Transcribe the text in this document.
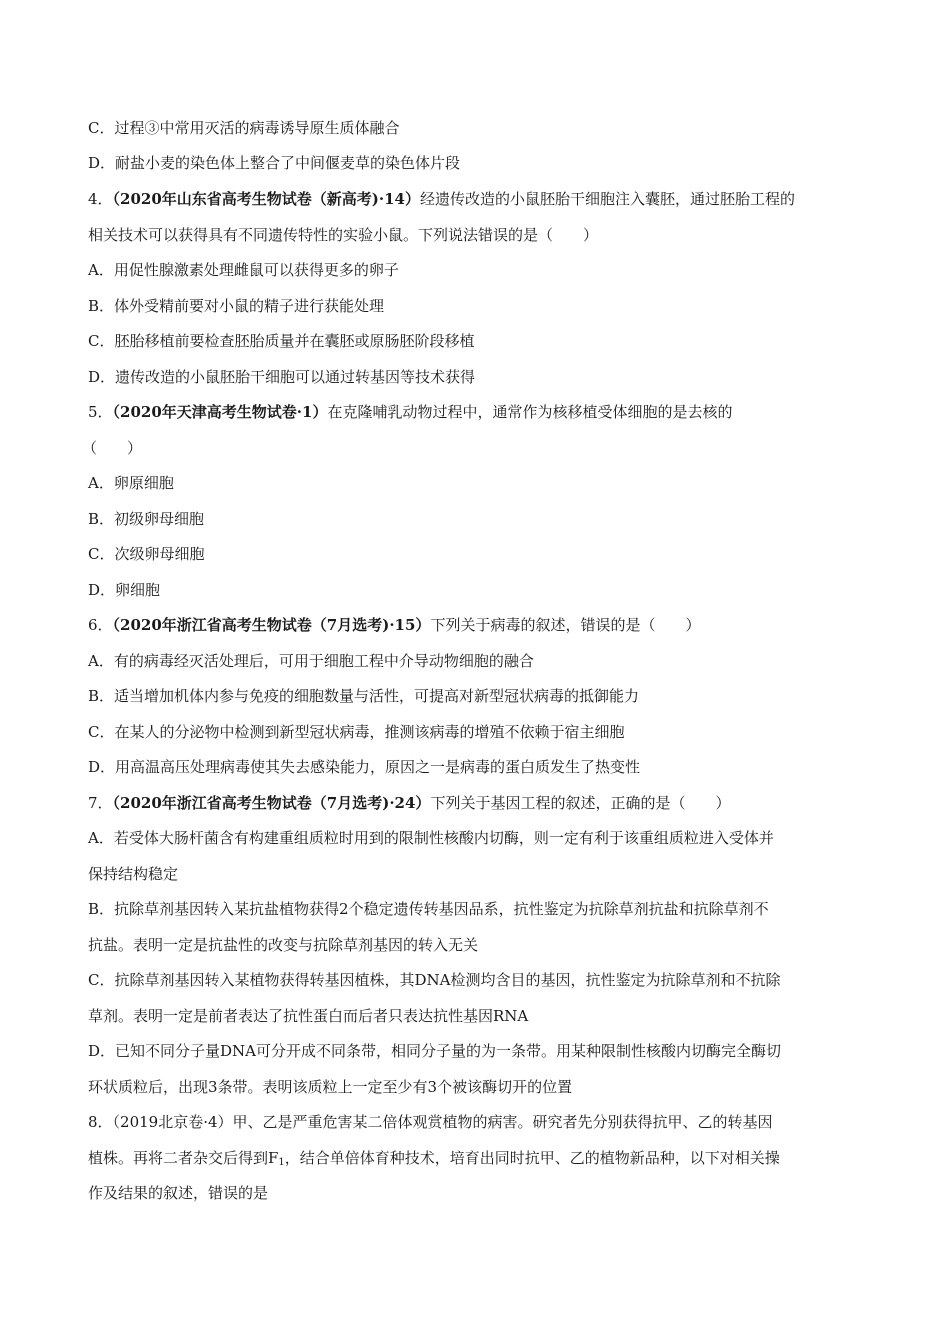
C．过程③中常用灭活的病毒诱导原生质体融合
D．耐盐小麦的染色体上整合了中间偃麦草的染色体片段
4．（2020年山东省高考生物试卷（新高考)·14）经遗传改造的小鼠胚胎干细胞注入囊胚，通过胚胎工程的
相关技术可以获得具有不同遗传特性的实验小鼠。下列说法错误的是（　　）
A．用促性腺激素处理雌鼠可以获得更多的卵子
B．体外受精前要对小鼠的精子进行获能处理
C．胚胎移植前要检查胚胎质量并在囊胚或原肠胚阶段移植
D．遗传改造的小鼠胚胎干细胞可以通过转基因等技术获得
5．（2020年天津高考生物试卷·1）在克隆哺乳动物过程中，通常作为核移植受体细胞的是去核的
（　　）
A．卵原细胞
B．初级卵母细胞
C．次级卵母细胞
D．卵细胞
6．（2020年浙江省高考生物试卷（7月选考)·15）下列关于病毒的叙述，错误的是（　　）
A．有的病毒经灭活处理后，可用于细胞工程中介导动物细胞的融合
B．适当增加机体内参与免疫的细胞数量与活性，可提高对新型冠状病毒的抵御能力
C．在某人的分泌物中检测到新型冠状病毒，推测该病毒的增殖不依赖于宿主细胞
D．用高温高压处理病毒使其失去感染能力，原因之一是病毒的蛋白质发生了热变性
7．（2020年浙江省高考生物试卷（7月选考)·24）下列关于基因工程的叙述，正确的是（　　）
A．若受体大肠杆菌含有构建重组质粒时用到的限制性核酸内切酶，则一定有利于该重组质粒进入受体并
保持结构稳定
B．抗除草剂基因转入某抗盐植物获得2个稳定遗传转基因品系，抗性鉴定为抗除草剂抗盐和抗除草剂不
抗盐。表明一定是抗盐性的改变与抗除草剂基因的转入无关
C．抗除草剂基因转入某植物获得转基因植株，其DNA检测均含目的基因，抗性鉴定为抗除草剂和不抗除
草剂。表明一定是前者表达了抗性蛋白而后者只表达抗性基因RNA
D．已知不同分子量DNA可分开成不同条带，相同分子量的为一条带。用某种限制性核酸内切酶完全酶切
环状质粒后，出现3条带。表明该质粒上一定至少有3个被该酶切开的位置
8．（2019北京卷·4）甲、乙是严重危害某二倍体观赏植物的病害。研究者先分别获得抗甲、乙的转基因
植株。再将二者杂交后得到$F_1$，结合单倍体育种技术，培育出同时抗甲、乙的植物新品种，以下对相关操
作及结果的叙述，错误的是
